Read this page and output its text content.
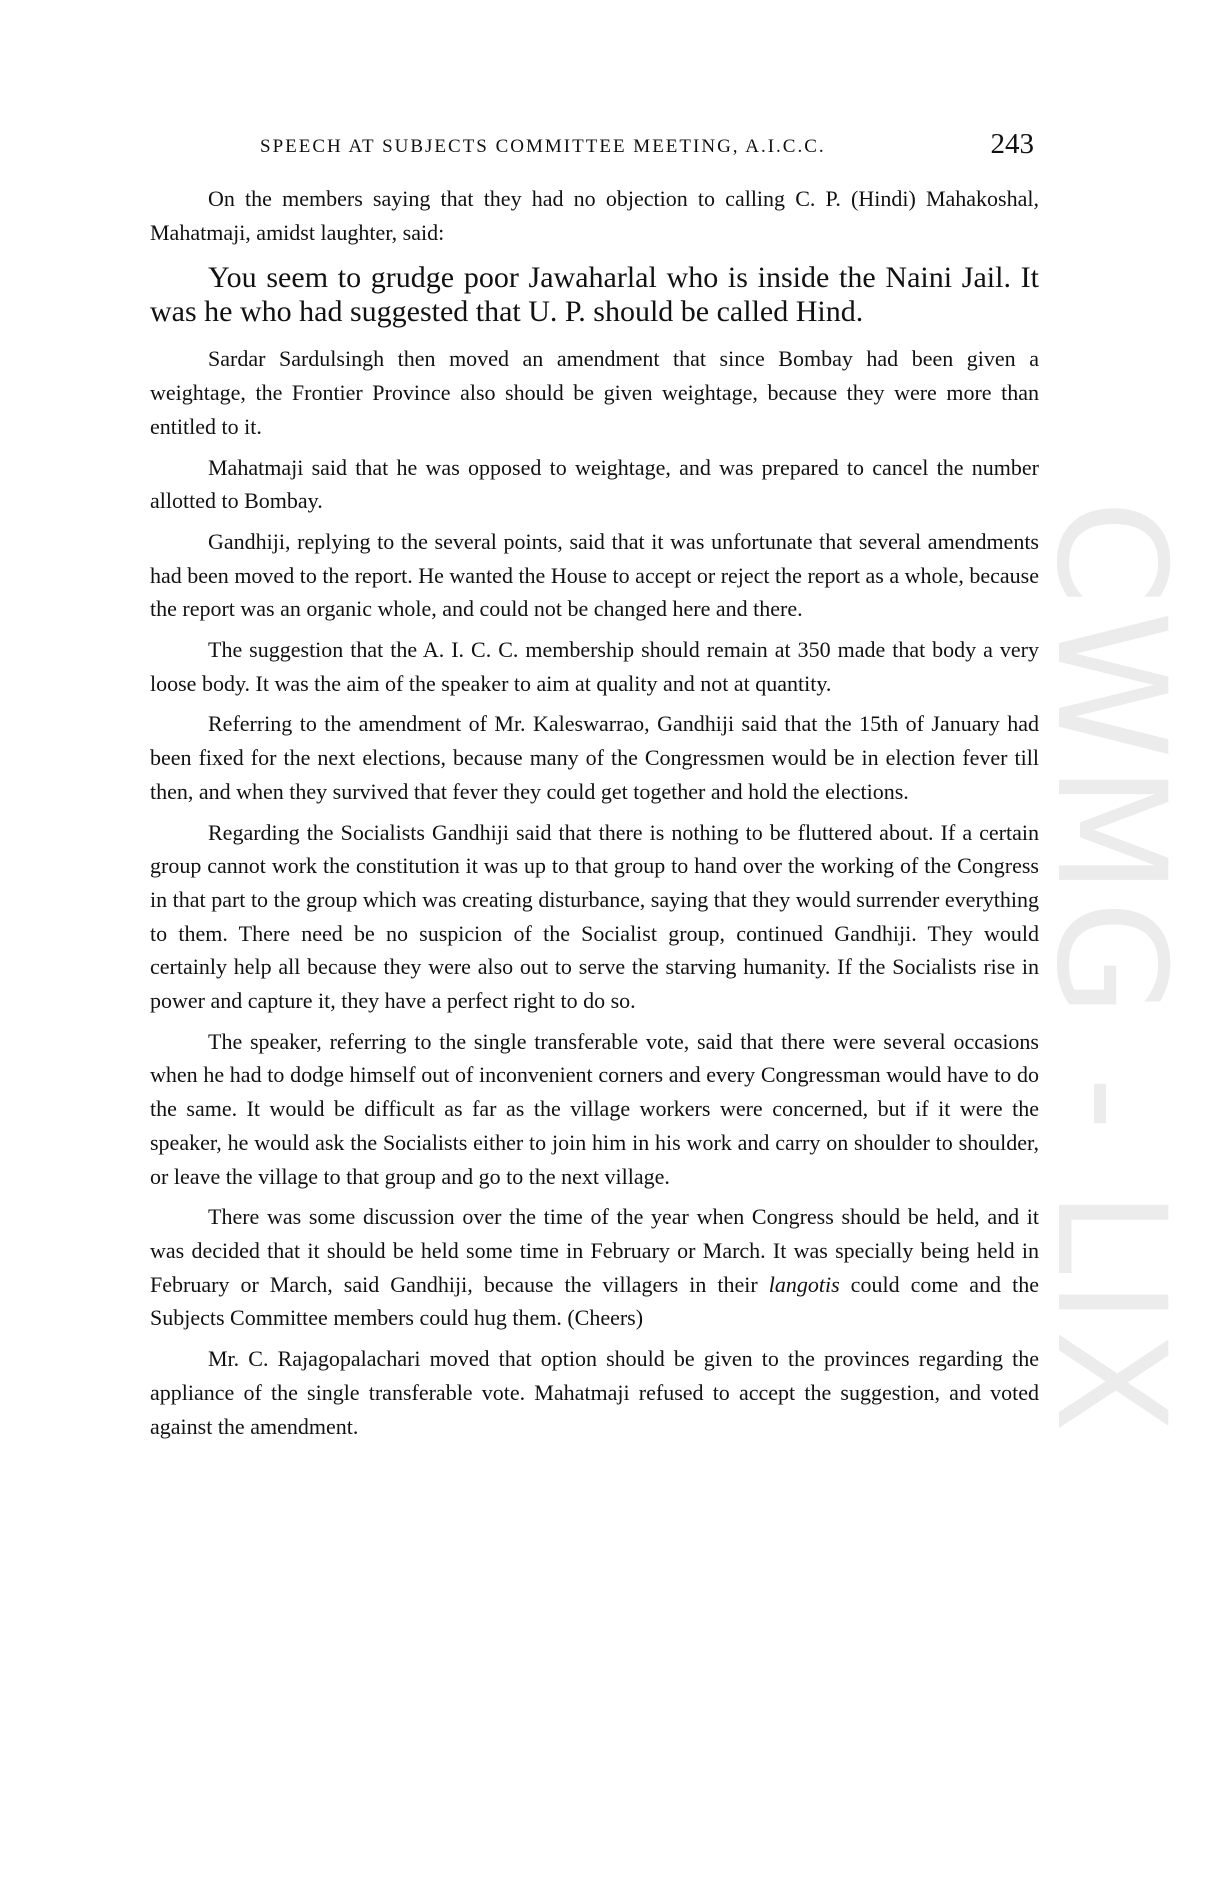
CWMG - LIX
SPEECH AT SUBJECTS COMMITTEE MEETING, A.I.C.C.	243

On the members saying that they had no objection to calling C. P. (Hindi) Mahakoshal, Mahatmaji, amidst laughter, said:

You seem to grudge poor Jawaharlal who is inside the Naini Jail. It was he who had suggested that U. P. should be called Hind.

Sardar Sardulsingh then moved an amendment that since Bombay had been given a weightage, the Frontier Province also should be given weightage, because they were more than entitled to it.

Mahatmaji said that he was opposed to weightage, and was prepared to cancel the number allotted to Bombay.

Gandhiji, replying to the several points, said that it was unfortunate that several amendments had been moved to the report. He wanted the House to accept or reject the report as a whole, because the report was an organic whole, and could not be changed here and there.

The suggestion that the A. I. C. C. membership should remain at 350 made that body a very loose body. It was the aim of the speaker to aim at quality and not at quantity.

Referring to the amendment of Mr. Kaleswarrao, Gandhiji said that the 15th of January had been fixed for the next elections, because many of the Congressmen would be in election fever till then, and when they survived that fever they could get together and hold the elections.

Regarding the Socialists Gandhiji said that there is nothing to be fluttered about. If a certain group cannot work the constitution it was up to that group to hand over the working of the Congress in that part to the group which was creating disturbance, saying that they would surrender everything to them. There need be no suspicion of the Socialist group, continued Gandhiji. They would certainly help all because they were also out to serve the starving humanity. If the Socialists rise in power and capture it, they have a perfect right to do so.

The speaker, referring to the single transferable vote, said that there were several occasions when he had to dodge himself out of inconvenient corners and every Congressman would have to do the same. It would be difficult as far as the village workers were concerned, but if it were the speaker, he would ask the Socialists either to join him in his work and carry on shoulder to shoulder, or leave the village to that group and go to the next village.

There was some discussion over the time of the year when Congress should be held, and it was decided that it should be held some time in February or March. It was specially being held in February or March, said Gandhiji, because the villagers in their langotis could come and the Subjects Committee members could hug them. (Cheers)

Mr. C. Rajagopalachari moved that option should be given to the provinces regarding the appliance of the single transferable vote. Mahatmaji refused to accept the suggestion, and voted against the amendment.
